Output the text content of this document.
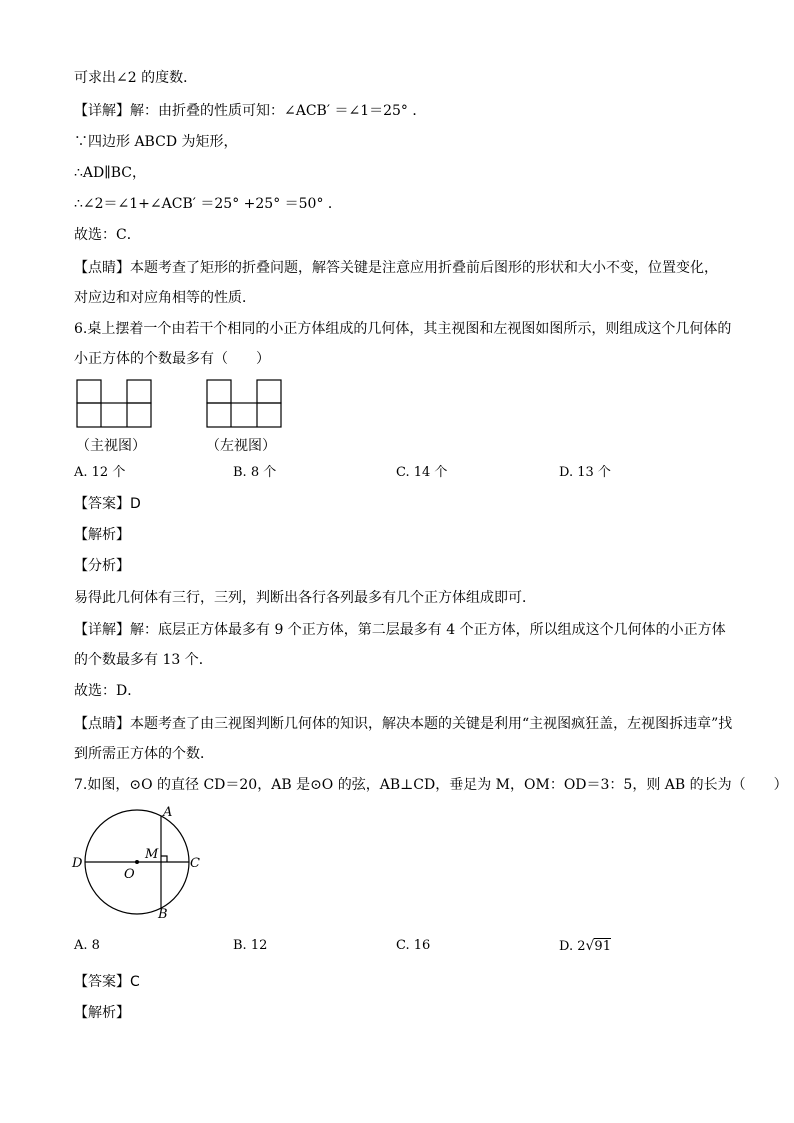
可求出∠2 的度数．
【详解】解：由折叠的性质可知：∠ACB′ ＝∠1＝25° ．
∵四边形 ABCD 为矩形，
∴AD∥BC，
∴∠2＝∠1+∠ACB′ ＝25° +25° ＝50° ．
故选：C．
【点睛】本题考查了矩形的折叠问题，解答关键是注意应用折叠前后图形的形状和大小不变，位置变化，
对应边和对应角相等的性质．
6.桌上摆着一个由若干个相同的小正方体组成的几何体，其主视图和左视图如图所示，则组成这个几何体的
小正方体的个数最多有（　　）
（主视图）	（左视图）
A. 12 个	B. 8 个	C. 14 个	D. 13 个
【答案】D
【解析】
【分析】
易得此几何体有三行，三列，判断出各行各列最多有几个正方体组成即可．
【详解】解：底层正方体最多有 9 个正方体，第二层最多有 4 个正方体，所以组成这个几何体的小正方体
的个数最多有 13 个．
故选：D．
【点睛】本题考查了由三视图判断几何体的知识，解决本题的关键是利用“主视图疯狂盖，左视图拆违章”找
到所需正方体的个数．
7.如图，⊙O 的直径 CD＝20，AB 是⊙O 的弦，AB⊥CD，垂足为 M，OM：OD＝3：5，则 AB 的长为（　　）
A
B
C
D
M
O
A. 8	B. 12	C. 16	D. 2√91
【答案】C
【解析】
